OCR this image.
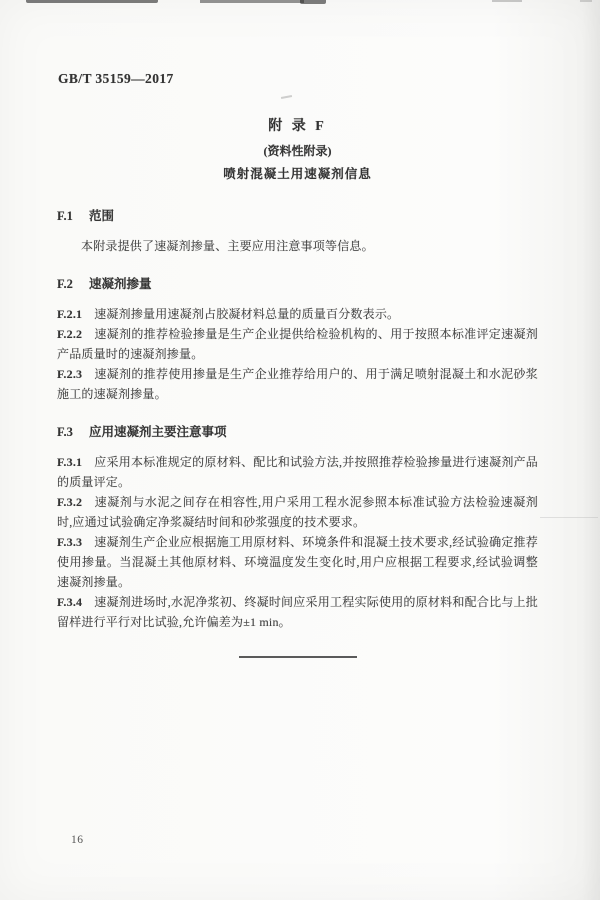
GB/T 35159—2017
附 录 F
(资料性附录)
喷射混凝土用速凝剂信息
F.1 范围

本附录提供了速凝剂掺量、主要应用注意事项等信息。

F.2 速凝剂掺量

F.2.1 速凝剂掺量用速凝剂占胶凝材料总量的质量百分数表示。

F.2.2 速凝剂的推荐检验掺量是生产企业提供给检验机构的、用于按照本标准评定速凝剂产品质量时的速凝剂掺量。

F.2.3 速凝剂的推荐使用掺量是生产企业推荐给用户的、用于满足喷射混凝土和水泥砂浆施工的速凝剂掺量。

F.3 应用速凝剂主要注意事项

F.3.1 应采用本标准规定的原材料、配比和试验方法,并按照推荐检验掺量进行速凝剂产品的质量评定。

F.3.2 速凝剂与水泥之间存在相容性,用户采用工程水泥参照本标准试验方法检验速凝剂时,应通过试验确定净浆凝结时间和砂浆强度的技术要求。

F.3.3 速凝剂生产企业应根据施工用原材料、环境条件和混凝土技术要求,经试验确定推荐使用掺量。当混凝土其他原材料、环境温度发生变化时,用户应根据工程要求,经试验调整速凝剂掺量。

F.3.4 速凝剂进场时,水泥净浆初、终凝时间应采用工程实际使用的原材料和配合比与上批留样进行平行对比试验,允许偏差为±1 min。

16
